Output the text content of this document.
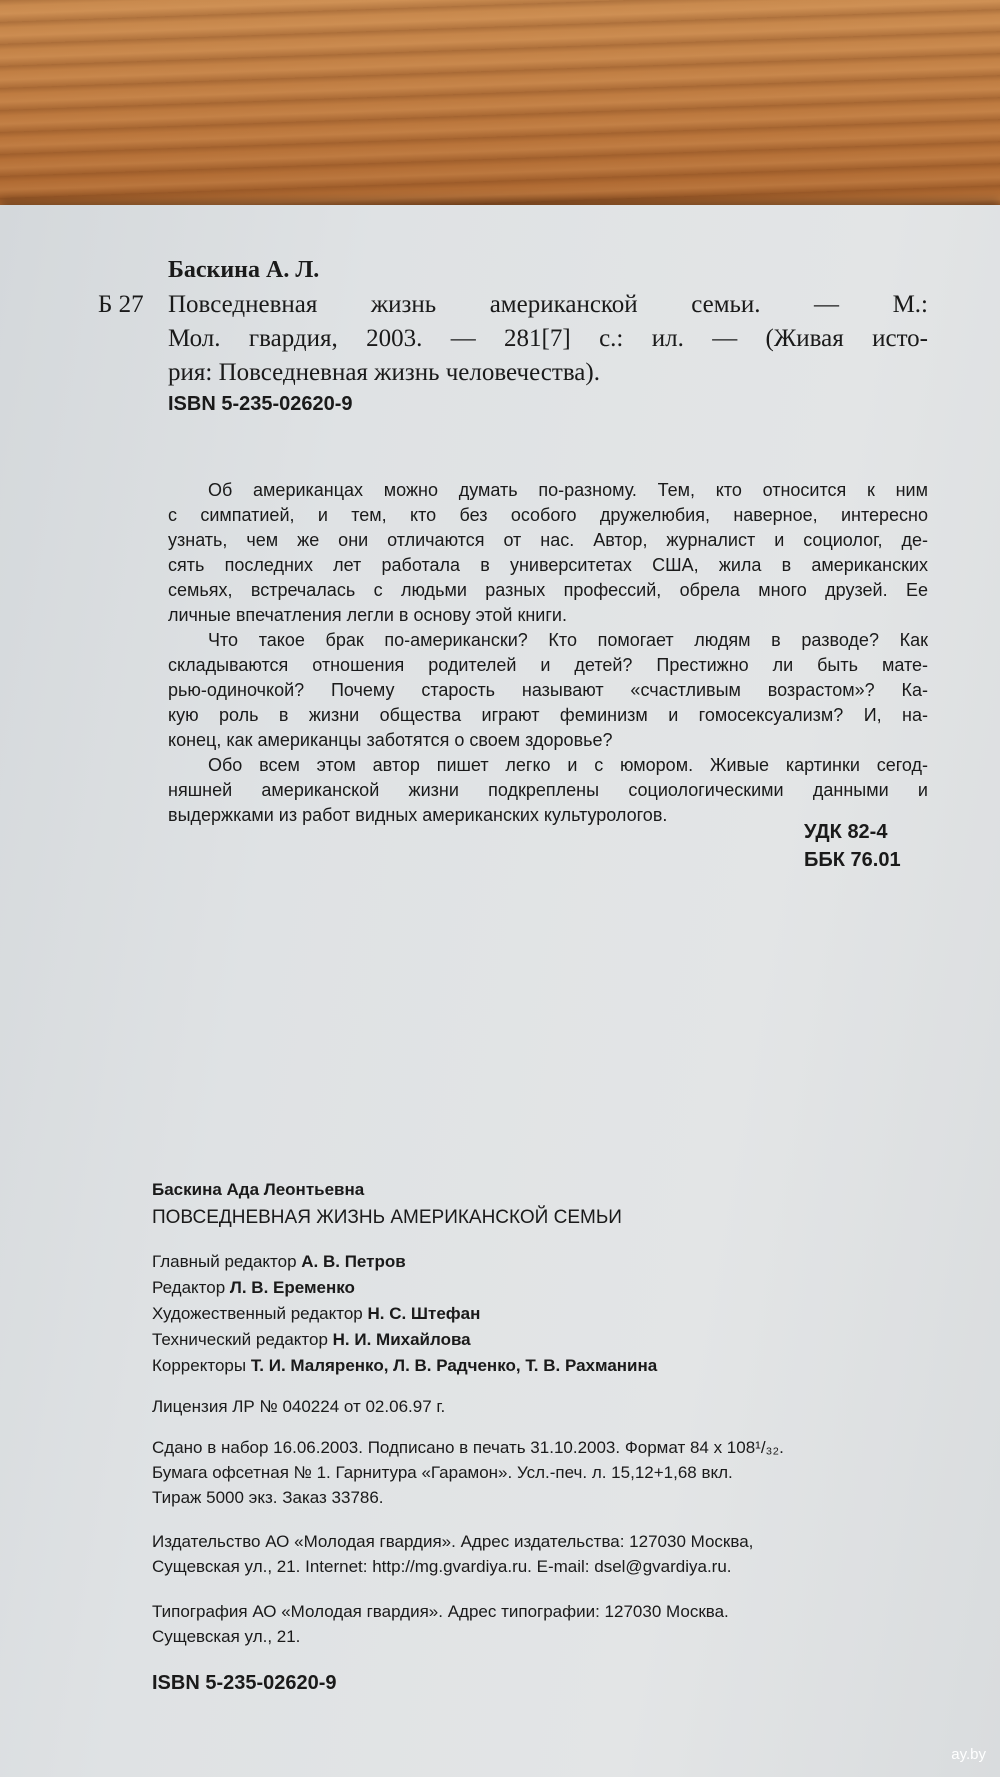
Баскина А. Л.
Б 27 Повседневная жизнь американской семьи. — М.:
Мол. гвардия, 2003. — 281[7] с.: ил. — (Живая исто-
рия: Повседневная жизнь человечества).
ISBN 5-235-02620-9
Об американцах можно думать по-разному. Тем, кто относится к ним
с симпатией, и тем, кто без особого дружелюбия, наверное, интересно
узнать, чем же они отличаются от нас. Автор, журналист и социолог, де-
сять последних лет работала в университетах США, жила в американских
семьях, встречалась с людьми разных профессий, обрела много друзей. Ее
личные впечатления легли в основу этой книги.
Что такое брак по-американски? Кто помогает людям в разводе? Как
складываются отношения родителей и детей? Престижно ли быть мате-
рью-одиночкой? Почему старость называют «счастливым возрастом»? Ка-
кую роль в жизни общества играют феминизм и гомосексуализм? И, на-
конец, как американцы заботятся о своем здоровье?
Обо всем этом автор пишет легко и с юмором. Живые картинки сегод-
няшней американской жизни подкреплены социологическими данными и
выдержками из работ видных американских культурологов.
УДК 82-4
ББК 76.01
Баскина Ада Леонтьевна
ПОВСЕДНЕВНАЯ ЖИЗНЬ АМЕРИКАНСКОЙ СЕМЬИ
Главный редактор А. В. Петров
Редактор Л. В. Еременко
Художественный редактор Н. С. Штефан
Технический редактор Н. И. Михайлова
Корректоры Т. И. Маляренко, Л. В. Радченко, Т. В. Рахманина
Лицензия ЛР № 040224 от 02.06.97 г.
Сдано в набор 16.06.2003. Подписано в печать 31.10.2003. Формат 84 х 108¹/₃₂.
Бумага офсетная № 1. Гарнитура «Гарамон». Усл.-печ. л. 15,12+1,68 вкл.
Тираж 5000 экз. Заказ 33786.
Издательство АО «Молодая гвардия». Адрес издательства: 127030 Москва,
Сущевская ул., 21. Internet: http://mg.gvardiya.ru. E-mail: dsel@gvardiya.ru.
Типография АО «Молодая гвардия». Адрес типографии: 127030 Москва.
Сущевская ул., 21.
ISBN 5-235-02620-9
ay.by
